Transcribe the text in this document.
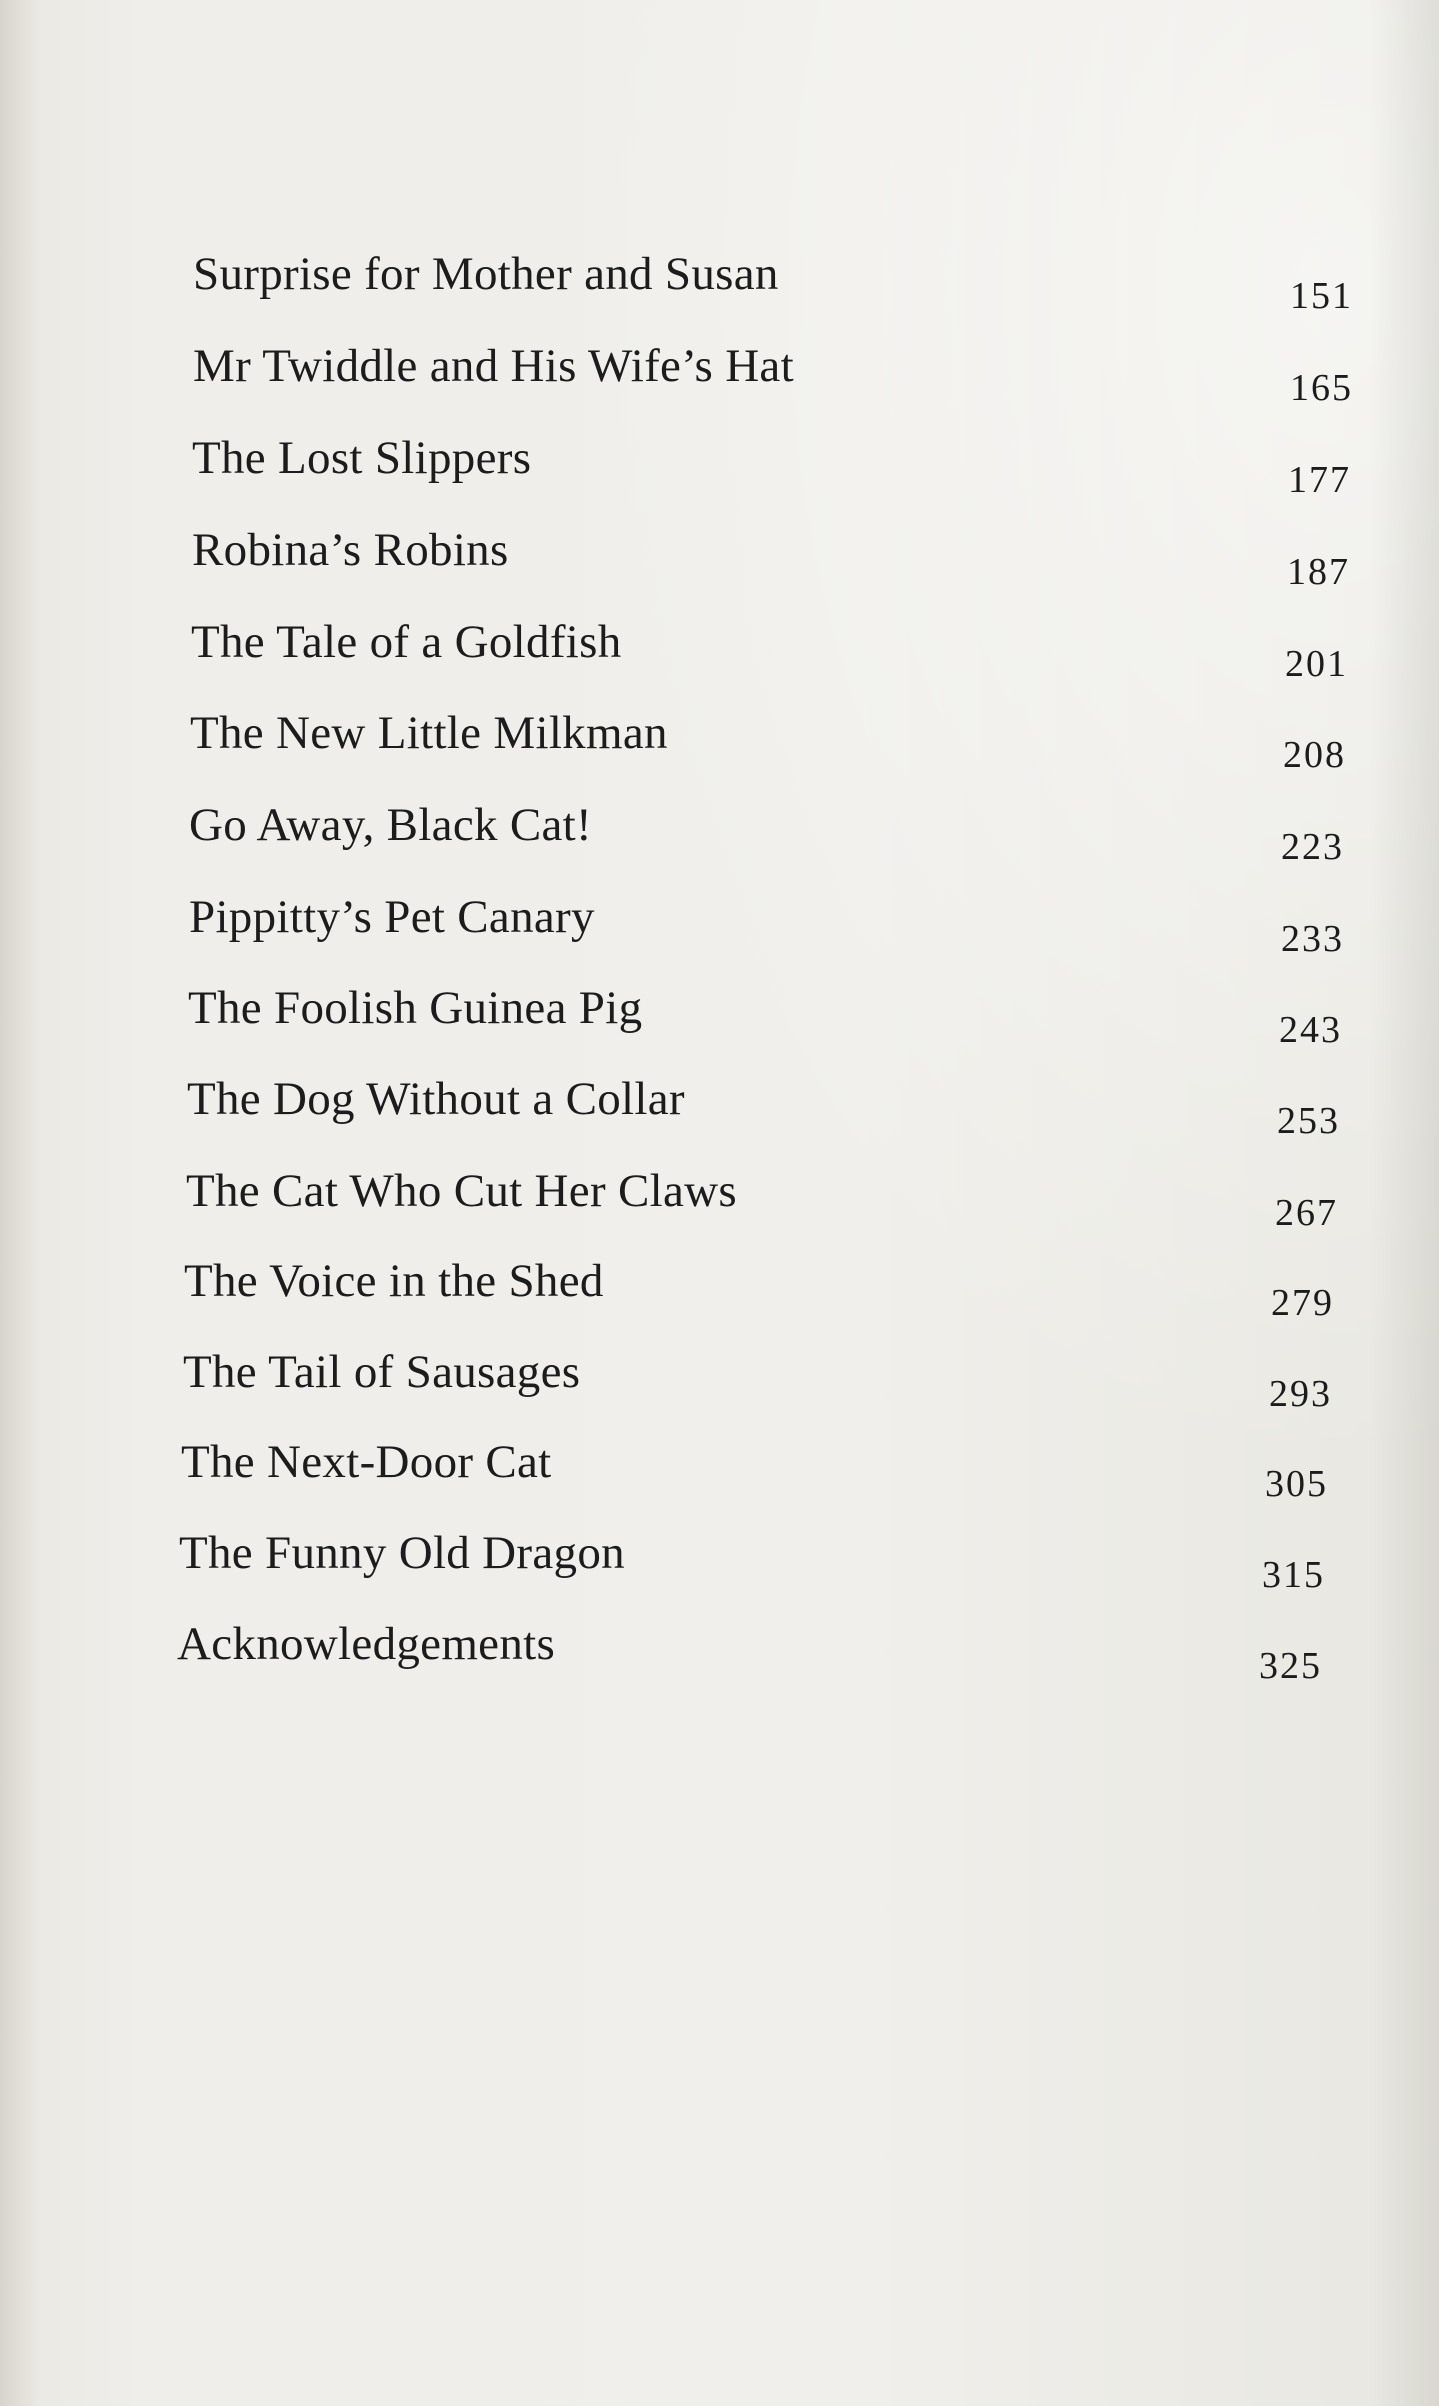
Surprise for Mother and Susan	151
Mr Twiddle and His Wife’s Hat	165
The Lost Slippers	177
Robina’s Robins	187
The Tale of a Goldfish	201
The New Little Milkman	208
Go Away, Black Cat!	223
Pippitty’s Pet Canary	233
The Foolish Guinea Pig	243
The Dog Without a Collar	253
The Cat Who Cut Her Claws	267
The Voice in the Shed	279
The Tail of Sausages	293
The Next-Door Cat	305
The Funny Old Dragon	315
Acknowledgements	325
